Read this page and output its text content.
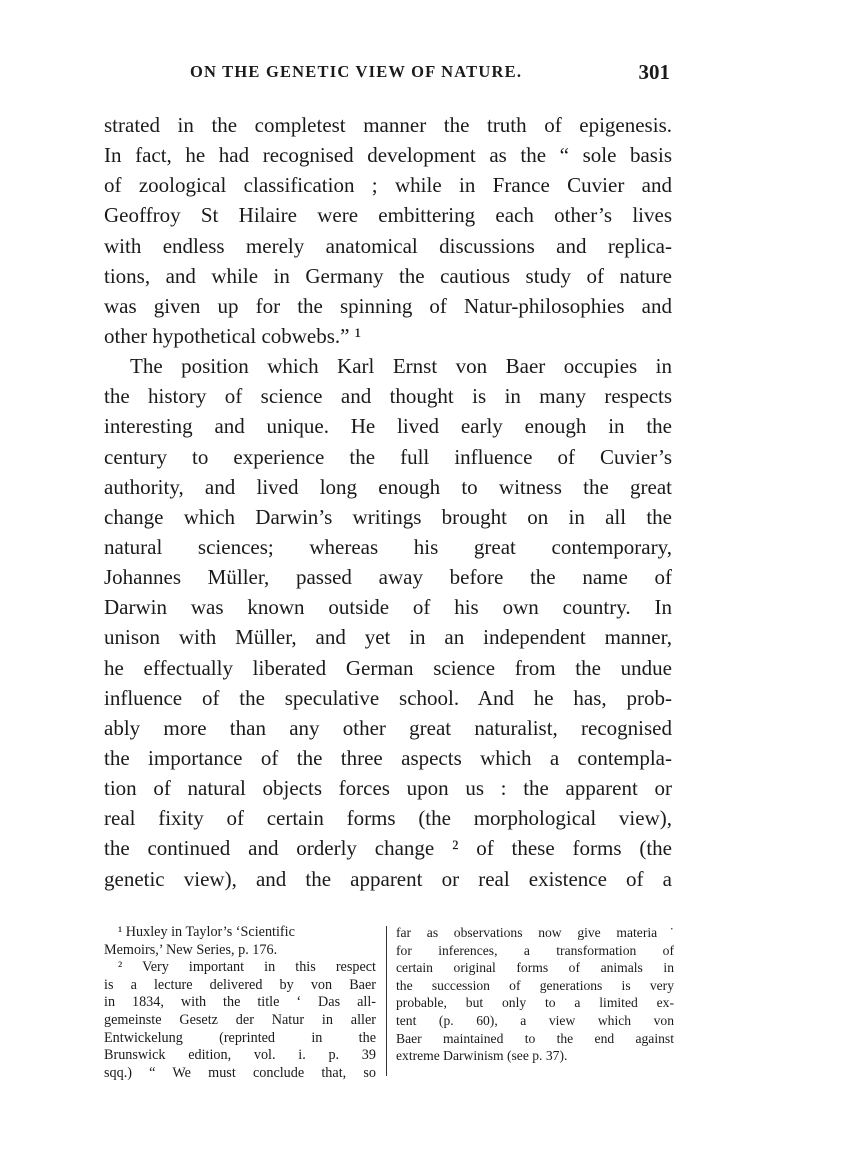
ON THE GENETIC VIEW OF NATURE.	301
strated in the completest manner the truth of epigenesis.
In fact, he had recognised development as the “ sole basis
of zoological classification ; while in France Cuvier and
Geoffroy St Hilaire were embittering each other’s lives
with endless merely anatomical discussions and replica-
tions, and while in Germany the cautious study of nature
was given up for the spinning of Natur-philosophies and
other hypothetical cobwebs.” ¹
The position which Karl Ernst von Baer occupies in
the history of science and thought is in many respects
interesting and unique. He lived early enough in the
century to experience the full influence of Cuvier’s
authority, and lived long enough to witness the great
change which Darwin’s writings brought on in all the
natural sciences; whereas his great contemporary,
Johannes Müller, passed away before the name of
Darwin was known outside of his own country. In
unison with Müller, and yet in an independent manner,
he effectually liberated German science from the undue
influence of the speculative school. And he has, prob-
ably more than any other great naturalist, recognised
the importance of the three aspects which a contempla-
tion of natural objects forces upon us : the apparent or
real fixity of certain forms (the morphological view),
the continued and orderly change ² of these forms (the
genetic view), and the apparent or real existence of a
¹ Huxley in Taylor’s ‘Scientific
Memoirs,’ New Series, p. 176.
² Very important in this respect
is a lecture delivered by von Baer
in 1834, with the title ‘ Das all-
gemeinste Gesetz der Natur in aller
Entwickelung (reprinted in the
Brunswick edition, vol. i. p. 39
sqq.) “ We must conclude that, so
far as observations now give materia˙
for inferences, a transformation of
certain original forms of animals in
the succession of generations is very
probable, but only to a limited ex-
tent (p. 60), a view which von
Baer maintained to the end against
extreme Darwinism (see p. 37).
